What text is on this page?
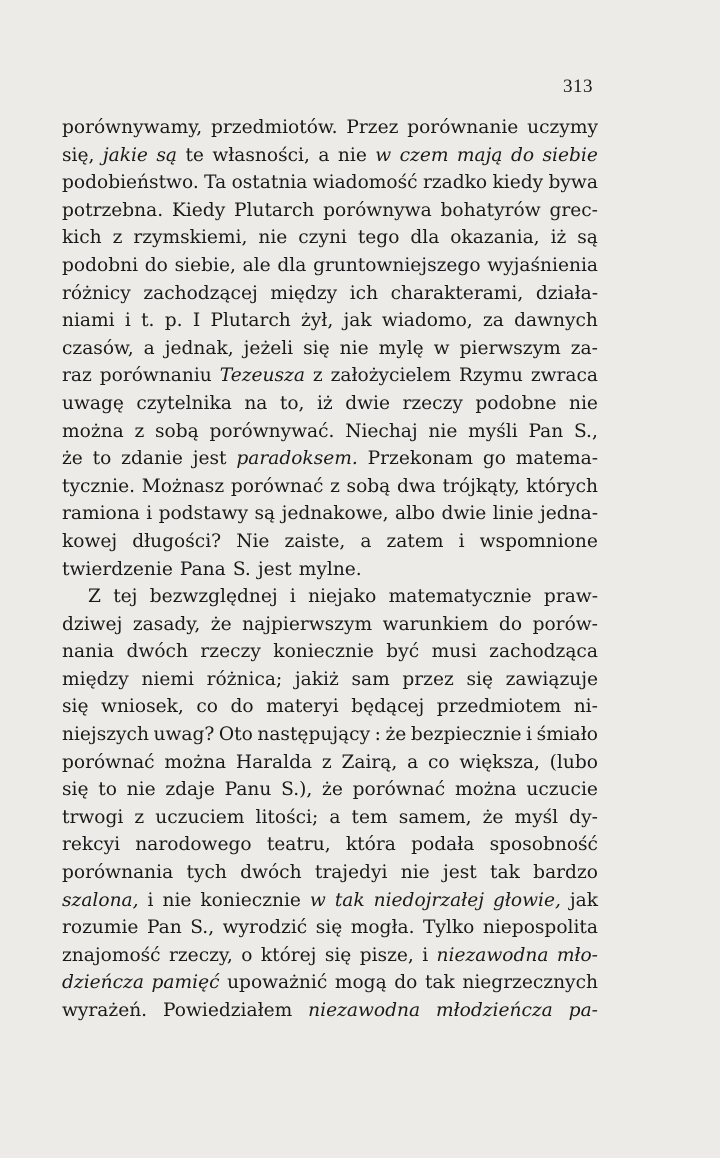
313
porównywamy, przedmiotów. Przez porównanie uczymy
się, jakie są te własności, a nie w czem mają do siebie
podobieństwo. Ta ostatnia wiadomość rzadko kiedy bywa
potrzebna. Kiedy Plutarch porównywa bohatyrów grec-
kich z rzymskiemi, nie czyni tego dla okazania, iż są
podobni do siebie, ale dla gruntowniejszego wyjaśnienia
różnicy zachodzącej między ich charakterami, działa-
niami i t. p. I Plutarch żył, jak wiadomo, za dawnych
czasów, a jednak, jeżeli się nie mylę w pierwszym za-
raz porównaniu Tezeusza z założycielem Rzymu zwraca
uwagę czytelnika na to, iż dwie rzeczy podobne nie
można z sobą porównywać. Niechaj nie myśli Pan S.,
że to zdanie jest paradoksem. Przekonam go matema-
tycznie. Możnasz porównać z sobą dwa trójkąty, których
ramiona i podstawy są jednakowe, albo dwie linie jedna-
kowej długości? Nie zaiste, a zatem i wspomnione
twierdzenie Pana S. jest mylne.
Z tej bezwzględnej i niejako matematycznie praw-
dziwej zasady, że najpierwszym warunkiem do porów-
nania dwóch rzeczy koniecznie być musi zachodząca
między niemi różnica; jakiż sam przez się zawiązuje
się wniosek, co do materyi będącej przedmiotem ni-
niejszych uwag? Oto następujący : że bezpiecznie i śmiało
porównać można Haralda z Zairą, a co większa, (lubo
się to nie zdaje Panu S.), że porównać można uczucie
trwogi z uczuciem litości; a tem samem, że myśl dy-
rekcyi narodowego teatru, która podała sposobność
porównania tych dwóch trajedyi nie jest tak bardzo
szalona, i nie koniecznie w tak niedojrzałej głowie, jak
rozumie Pan S., wyrodzić się mogła. Tylko niepospolita
znajomość rzeczy, o której się pisze, i niezawodna mło-
dzieńcza pamięć upoważnić mogą do tak niegrzecznych
wyrażeń. Powiedziałem niezawodna młodzieńcza pa-
